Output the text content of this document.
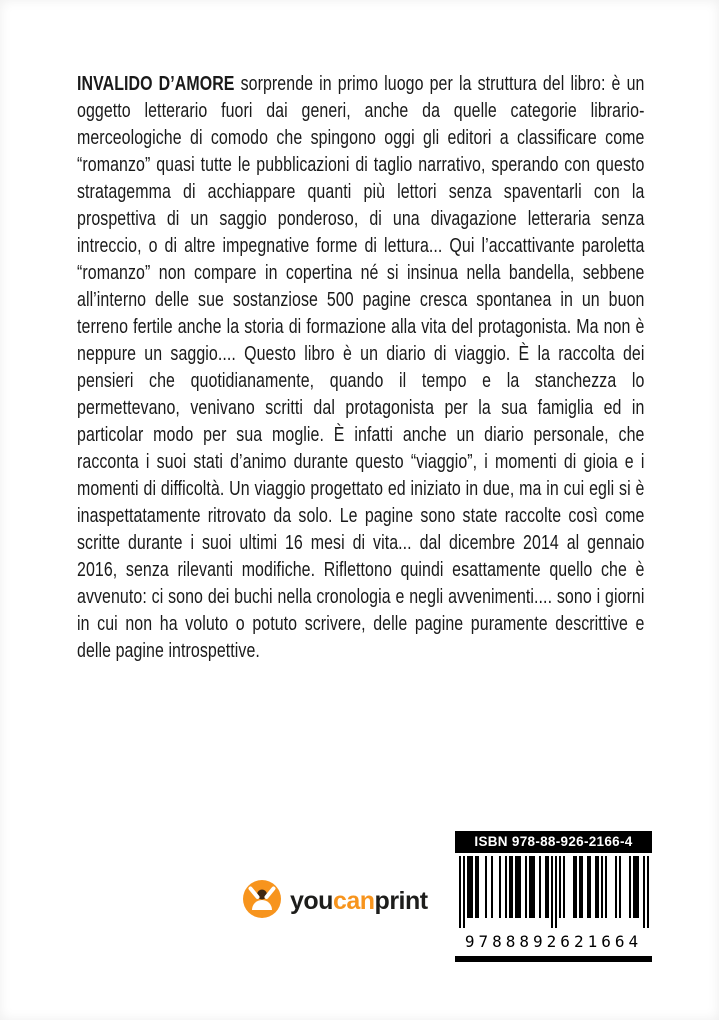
INVALIDO D’AMORE sorprende in primo luogo per la struttura del libro: è un oggetto letterario fuori dai generi, anche da quelle categorie librario-merceologiche di comodo che spingono oggi gli editori a classificare come “romanzo” quasi tutte le pubblicazioni di taglio narrativo, sperando con questo stratagemma di acchiappare quanti più lettori senza spaventarli con la prospettiva di un saggio ponderoso, di una divagazione letteraria senza intreccio, o di altre impegnative forme di lettura... Qui l’accattivante paroletta “romanzo” non compare in copertina né si insinua nella bandella, sebbene all’interno delle sue sostanziose 500 pagine cresca spontanea in un buon terreno fertile anche la storia di formazione alla vita del protagonista. Ma non è neppure un saggio.... Questo libro è un diario di viaggio. È la raccolta dei pensieri che quotidianamente, quando il tempo e la stanchezza lo permettevano, venivano scritti dal protagonista per la sua famiglia ed in particolar modo per sua moglie. È infatti anche un diario personale, che racconta i suoi stati d’animo durante questo “viaggio”, i momenti di gioia e i momenti di difficoltà. Un viaggio progettato ed iniziato in due, ma in cui egli si è inaspettatamente ritrovato da solo. Le pagine sono state raccolte così come scritte durante i suoi ultimi 16 mesi di vita... dal dicembre 2014 al gennaio 2016, senza rilevanti modifiche. Riflettono quindi esattamente quello che è avvenuto: ci sono dei buchi nella cronologia e negli avvenimenti.... sono i giorni in cui non ha voluto o potuto scrivere, delle pagine puramente descrittive e delle pagine introspettive.

youcanprint
ISBN 978-88-926-2166-4
9788892621664
